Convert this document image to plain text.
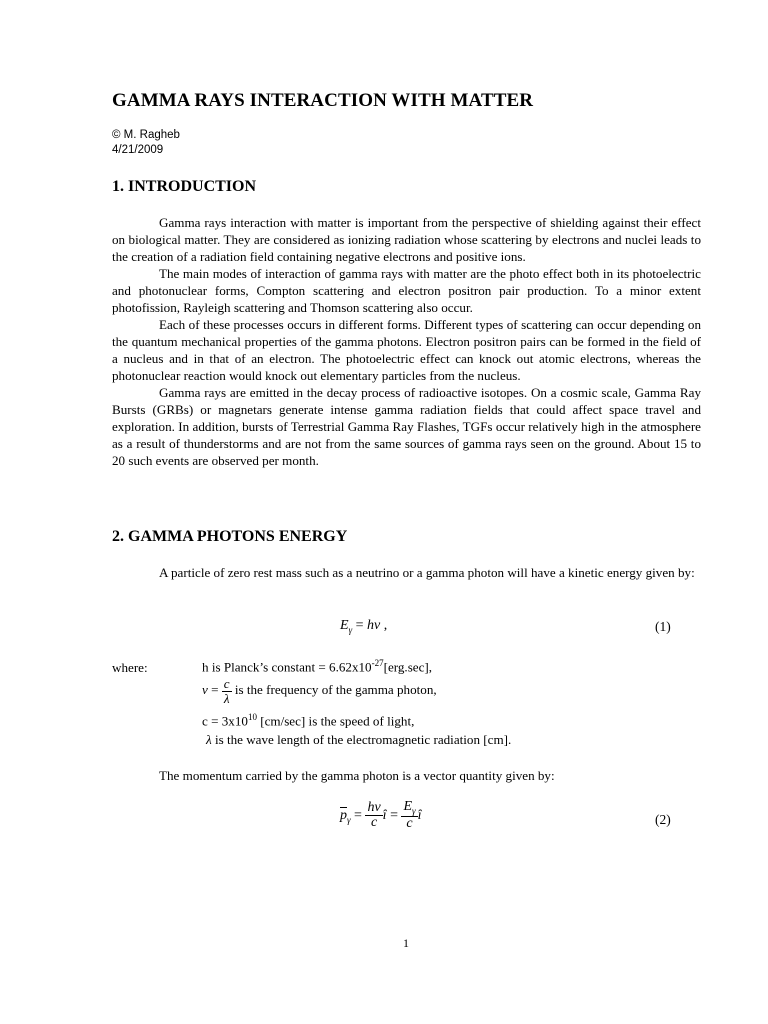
GAMMA RAYS INTERACTION WITH MATTER
© M. Ragheb
4/21/2009
1. INTRODUCTION

Gamma rays interaction with matter is important from the perspective of shielding against their effect on biological matter. They are considered as ionizing radiation whose scattering by electrons and nuclei leads to the creation of a radiation field containing negative electrons and positive ions.

The main modes of interaction of gamma rays with matter are the photo effect both in its photoelectric and photonuclear forms, Compton scattering and electron positron pair production. To a minor extent photofission, Rayleigh scattering and Thomson scattering also occur.

Each of these processes occurs in different forms. Different types of scattering can occur depending on the quantum mechanical properties of the gamma photons. Electron positron pairs can be formed in the field of a nucleus and in that of an electron. The photoelectric effect can knock out atomic electrons, whereas the photonuclear reaction would knock out elementary particles from the nucleus.

Gamma rays are emitted in the decay process of radioactive isotopes. On a cosmic scale, Gamma Ray Bursts (GRBs) or magnetars generate intense gamma radiation fields that could affect space travel and exploration. In addition, bursts of Terrestrial Gamma Ray Flashes, TGFs occur relatively high in the atmosphere as a result of thunderstorms and are not from the same sources of gamma rays seen on the ground. About 15 to 20 such events are observed per month.

2. GAMMA PHOTONS ENERGY

A particle of zero rest mass such as a neutrino or a gamma photon will have a kinetic energy given by:

$E_\gamma = h\nu$ ,	(1)
where:	h is Planck’s constant = $6.62x10^{-27}[erg.\sec]$,
$\nu = \frac{c}{\lambda}$ is the frequency of the gamma photon,
$c = 3x10^{10}$ [cm/sec] is the speed of light,
λ is the wave length of the electromagnetic radiation [cm].

The momentum carried by the gamma photon is a vector quantity given by:

$\overline{p}_\gamma = \frac{h\nu}{c}$ î = $\frac{E_\gamma}{c}$ î	(2)
1
